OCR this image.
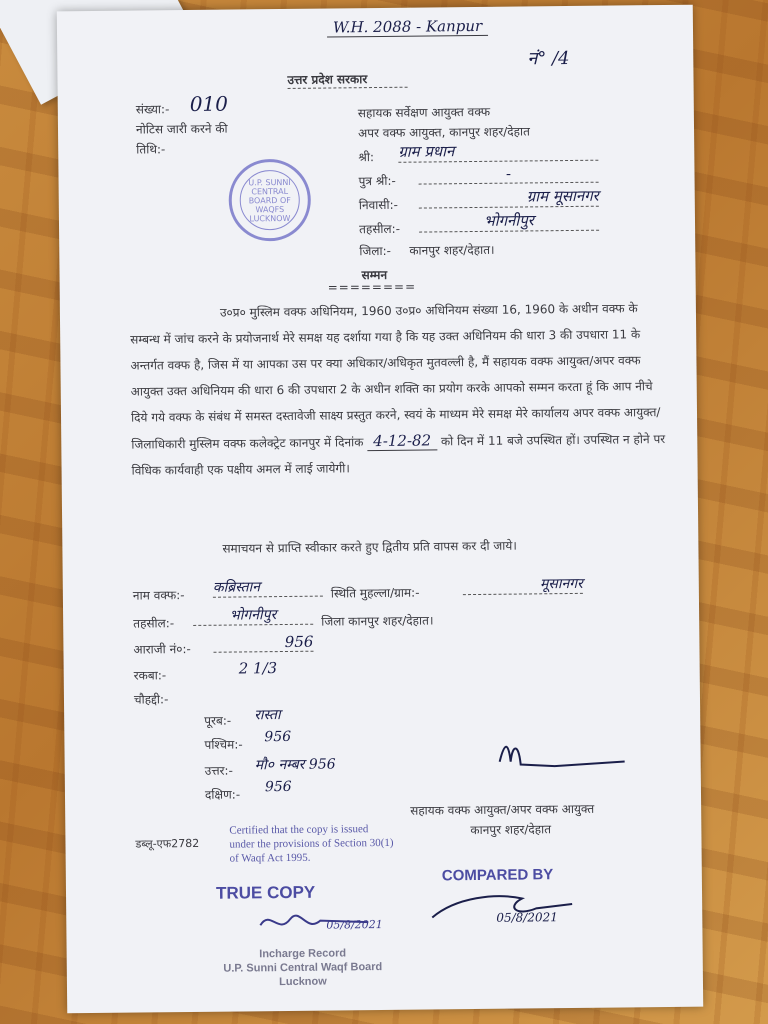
W.H. 2088 - Kanpur
नं° /4
उत्तर प्रदेश सरकार
संख्या:- 010
नोटिस जारी करने की
तिथि:-
U.P. SUNNI CENTRAL BOARD OF WAQFS LUCKNOW
सहायक सर्वेक्षण आयुक्त वक्फ
अपर वक्फ आयुक्त, कानपुर शहर/देहात
श्री: ग्राम प्रधान
पुत्र श्री:-	-
निवासी:-	ग्राम मूसानगर
तहसील:-	भोगनीपुर
जिला:- कानपुर शहर/देहात।
सम्मन
========
उ०प्र० मुस्लिम वक्फ अधिनियम, 1960 उ०प्र० अधिनियम संख्या 16, 1960 के अधीन वक्फ के सम्बन्ध में जांच करने के प्रयोजनार्थ मेरे समक्ष यह दर्शाया गया है कि यह उक्त अधिनियम की धारा 3 की उपधारा 11 के अन्तर्गत वक्फ है, जिस में या आपका उस पर क्या अधिकार/अधिकृत मुतवल्ली है, मैं सहायक वक्फ आयुक्त/अपर वक्फ आयुक्त उक्त अधिनियम की धारा 6 की उपधारा 2 के अधीन शक्ति का प्रयोग करके आपको सम्मन करता हूं कि आप नीचे दिये गये वक्फ के संबंध में समस्त दस्तावेजी साक्ष्य प्रस्तुत करने, स्वयं के माध्यम मेरे समक्ष मेरे कार्यालय अपर वक्फ आयुक्त/जिलाधिकारी मुस्लिम वक्फ कलेक्ट्रेट कानपुर में दिनांक 4-12-82 को दिन में 11 बजे उपस्थित हों। उपस्थित न होने पर विधिक कार्यवाही एक पक्षीय अमल में लाई जायेगी।
समाचयन से प्राप्ति स्वीकार करते हुए द्वितीय प्रति वापस कर दी जाये।
नाम वक्फ:- कब्रिस्तान	स्थिति मुहल्ला/ग्राम:-
मूसानगर
तहसील:-	भोगनीपुर	जिला कानपुर शहर/देहात।
आराजी नं०:-	956
रकबा:-	2 1/3
चौहद्दी:-
पूरब:- रास्ता
पश्चिम:- 956
उत्तर:- मौ० नम्बर 956
दक्षिण:- 956
सहायक वक्फ आयुक्त/अपर वक्फ आयुक्त
कानपुर शहर/देहात
डब्लू-एफ2782
Certified that the copy is issued
under the provisions of Section 30(1)
of Waqf Act 1995.
TRUE COPY
05/8/2021
Incharge Record
U.P. Sunni Central Waqf Board
Lucknow
COMPARED BY
05/8/2021
